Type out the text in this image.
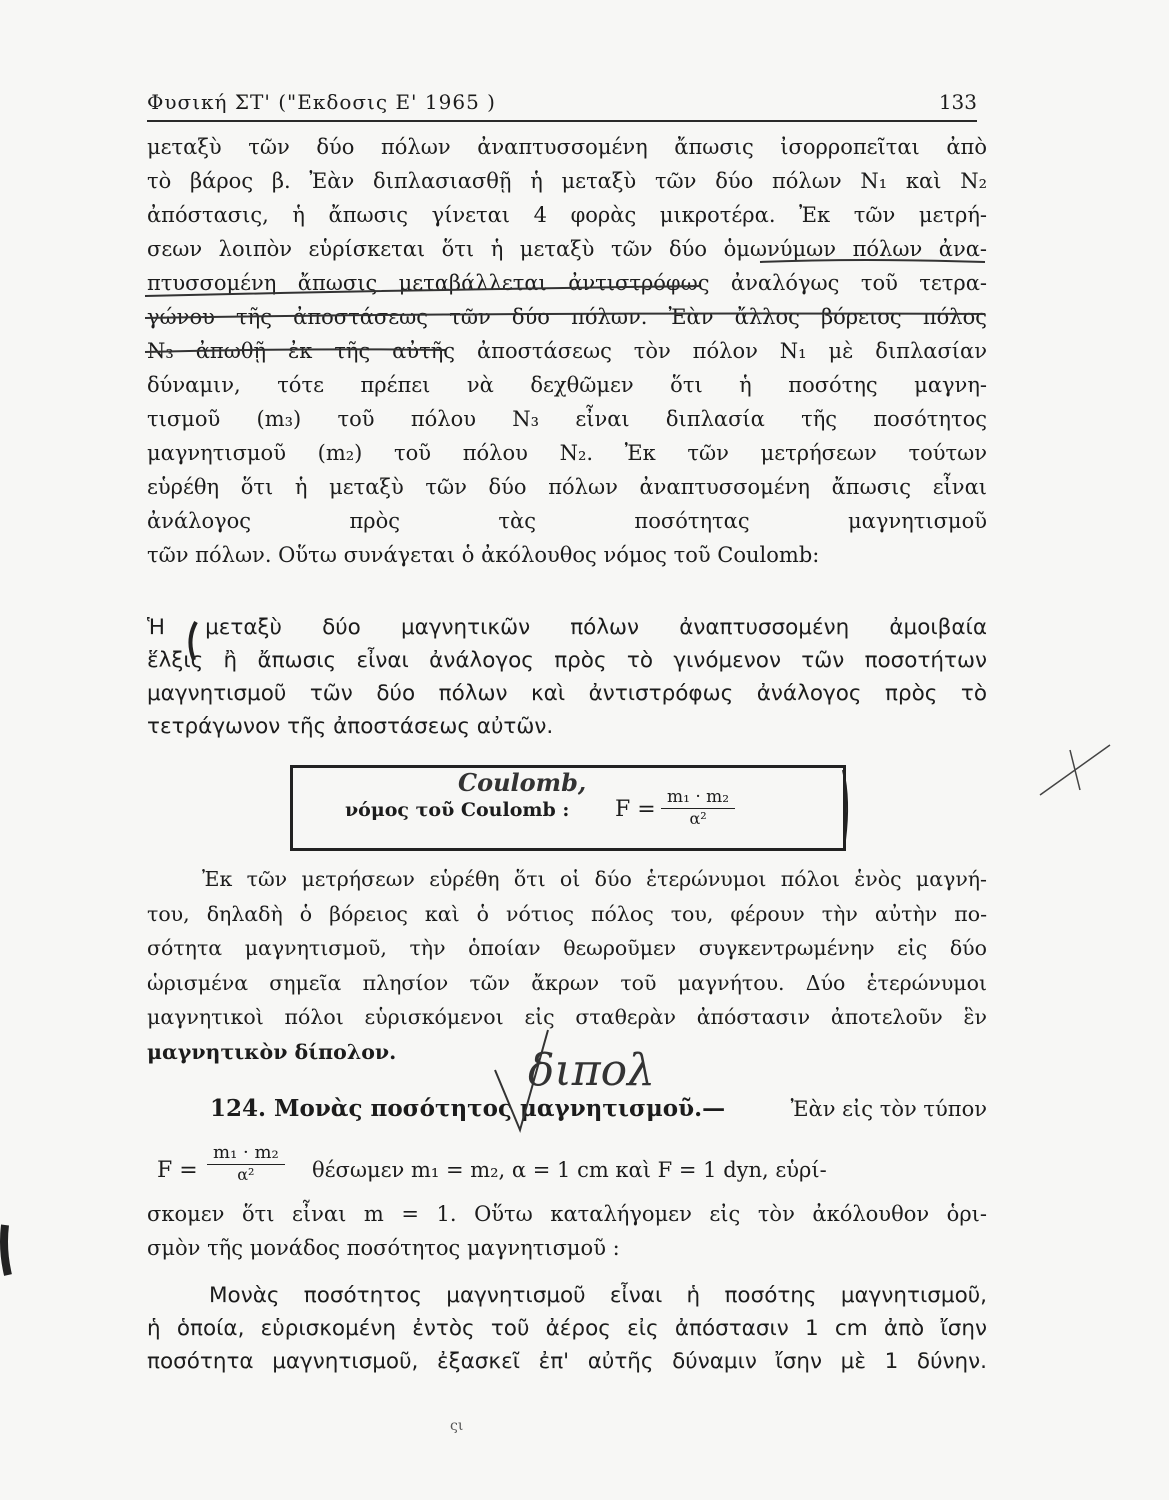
Φυσική ΣΤ' ("Εκδοσις Ε' 1965 )	133
μεταξὺ τῶν δύο πόλων ἀναπτυσσομένη ἄπωσις ἰσορροπεῖται ἀπὸ
τὸ βάρος β. Ἐὰν διπλασιασθῇ ἡ μεταξὺ τῶν δύο πόλων N₁ καὶ N₂
ἀπόστασις, ἡ ἄπωσις γίνεται 4 φορὰς μικροτέρα. Ἐκ τῶν μετρή-
σεων λοιπὸν εὑρίσκεται ὅτι ἡ μεταξὺ τῶν δύο ὁμωνύμων πόλων ἀνα-
πτυσσομένη ἄπωσις μεταβάλλεται ἀντιστρόφως ἀναλόγως τοῦ τετρα-
γώνου τῆς ἀποστάσεως τῶν δύο πόλων. Ἐὰν ἄλλος βόρειος πόλος
N₃ ἀπωθῇ ἐκ τῆς αὐτῆς ἀποστάσεως τὸν πόλον N₁ μὲ διπλασίαν
δύναμιν, τότε πρέπει νὰ δεχθῶμεν ὅτι ἡ ποσότης μαγνη-
τισμοῦ (m₃) τοῦ πόλου N₃ εἶναι διπλασία τῆς ποσότητος
μαγνητισμοῦ (m₂) τοῦ πόλου N₂. Ἐκ τῶν μετρήσεων τούτων
εὑρέθη ὅτι ἡ μεταξὺ τῶν δύο πόλων ἀναπτυσσομένη ἄπωσις εἶναι
ἀνάλογος πρὸς τὰς ποσότητας μαγνητισμοῦ
τῶν πόλων. Οὕτω συνάγεται ὁ ἀκόλουθος νόμος τοῦ Coulomb:
Ἡ μεταξὺ δύο μαγνητικῶν πόλων ἀναπτυσσομένη ἀμοιβαία
ἕλξις ἢ ἄπωσις εἶναι ἀνάλογος πρὸς τὸ γινόμενον τῶν ποσοτήτων
μαγνητισμοῦ τῶν δύο πόλων καὶ ἀντιστρόφως ἀνάλογος πρὸς τὸ
τετράγωνον τῆς ἀποστάσεως αὐτῶν.
Coulomb,
νόμος τοῦ Coulomb : $F = \frac{\text{m₁ · m₂}}{\text{α²}}$
Ἐκ τῶν μετρήσεων εὑρέθη ὅτι οἱ δύο ἑτερώνυμοι πόλοι ἑνὸς μαγνή-
του, δηλαδὴ ὁ βόρειος καὶ ὁ νότιος πόλος του, φέρουν τὴν αὐτὴν πο-
σότητα μαγνητισμοῦ, τὴν ὁποίαν θεωροῦμεν συγκεντρωμένην εἰς δύο
ὡρισμένα σημεῖα πλησίον τῶν ἄκρων τοῦ μαγνήτου. Δύο ἑτερώνυμοι
μαγνητικοὶ πόλοι εὑρισκόμενοι εἰς σταθερὰν ἀπόστασιν ἀποτελοῦν ἓν
μαγνητικὸν δίπολον.	διπολ
124. Μονὰς ποσότητος μαγνητισμοῦ.—	Ἐὰν εἰς τὸν τύπον
$F = \frac{\text{m₁ · m₂}}{\text{α²}}$ θέσωμεν m₁ = m₂, α = 1 cm καὶ F = 1 dyn, εὑρί-
σκομεν ὅτι εἶναι m = 1. Οὕτω καταλήγομεν εἰς τὸν ἀκόλουθον ὁρι-
σμὸν τῆς μονάδος ποσότητος μαγνητισμοῦ :
Μονὰς ποσότητος μαγνητισμοῦ εἶναι ἡ ποσότης μαγνητισμοῦ,
ἡ ὁποία, εὑρισκομένη ἐντὸς τοῦ ἀέρος εἰς ἀπόστασιν 1 cm ἀπὸ ἴσην
ποσότητα μαγνητισμοῦ, ἐξασκεῖ ἐπ' αὐτῆς δύναμιν ἴσην μὲ 1 δύνην.
ςι
